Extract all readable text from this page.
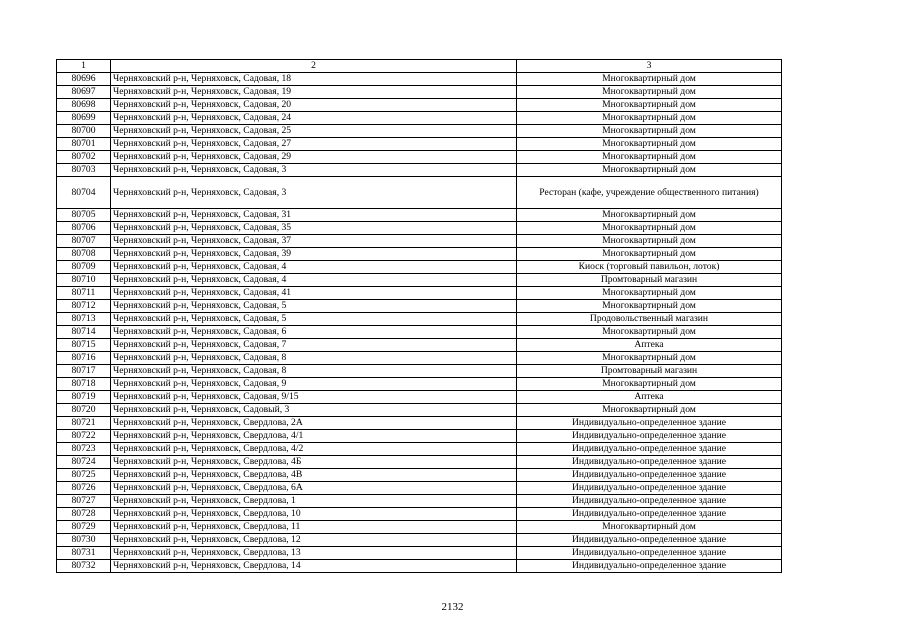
1	2	3
80696	Черняховский р-н, Черняховск, Садовая, 18	Многоквартирный дом
80697	Черняховский р-н, Черняховск, Садовая, 19	Многоквартирный дом
80698	Черняховский р-н, Черняховск, Садовая, 20	Многоквартирный дом
80699	Черняховский р-н, Черняховск, Садовая, 24	Многоквартирный дом
80700	Черняховский р-н, Черняховск, Садовая, 25	Многоквартирный дом
80701	Черняховский р-н, Черняховск, Садовая, 27	Многоквартирный дом
80702	Черняховский р-н, Черняховск, Садовая, 29	Многоквартирный дом
80703	Черняховский р-н, Черняховск, Садовая, 3	Многоквартирный дом
80704	Черняховский р-н, Черняховск, Садовая, 3	Ресторан (кафе, учреждение общественного питания)
80705	Черняховский р-н, Черняховск, Садовая, 31	Многоквартирный дом
80706	Черняховский р-н, Черняховск, Садовая, 35	Многоквартирный дом
80707	Черняховский р-н, Черняховск, Садовая, 37	Многоквартирный дом
80708	Черняховский р-н, Черняховск, Садовая, 39	Многоквартирный дом
80709	Черняховский р-н, Черняховск, Садовая, 4	Киоск (торговый павильон, лоток)
80710	Черняховский р-н, Черняховск, Садовая, 4	Промтоварный магазин
80711	Черняховский р-н, Черняховск, Садовая, 41	Многоквартирный дом
80712	Черняховский р-н, Черняховск, Садовая, 5	Многоквартирный дом
80713	Черняховский р-н, Черняховск, Садовая, 5	Продовольственный магазин
80714	Черняховский р-н, Черняховск, Садовая, 6	Многоквартирный дом
80715	Черняховский р-н, Черняховск, Садовая, 7	Аптека
80716	Черняховский р-н, Черняховск, Садовая, 8	Многоквартирный дом
80717	Черняховский р-н, Черняховск, Садовая, 8	Промтоварный магазин
80718	Черняховский р-н, Черняховск, Садовая, 9	Многоквартирный дом
80719	Черняховский р-н, Черняховск, Садовая, 9/15	Аптека
80720	Черняховский р-н, Черняховск, Садовый, 3	Многоквартирный дом
80721	Черняховский р-н, Черняховск, Свердлова, 2А	Индивидуально-определенное здание
80722	Черняховский р-н, Черняховск, Свердлова, 4/1	Индивидуально-определенное здание
80723	Черняховский р-н, Черняховск, Свердлова, 4/2	Индивидуально-определенное здание
80724	Черняховский р-н, Черняховск, Свердлова, 4Б	Индивидуально-определенное здание
80725	Черняховский р-н, Черняховск, Свердлова, 4В	Индивидуально-определенное здание
80726	Черняховский р-н, Черняховск, Свердлова, 6А	Индивидуально-определенное здание
80727	Черняховский р-н, Черняховск, Свердлова, 1	Индивидуально-определенное здание
80728	Черняховский р-н, Черняховск, Свердлова, 10	Индивидуально-определенное здание
80729	Черняховский р-н, Черняховск, Свердлова, 11	Многоквартирный дом
80730	Черняховский р-н, Черняховск, Свердлова, 12	Индивидуально-определенное здание
80731	Черняховский р-н, Черняховск, Свердлова, 13	Индивидуально-определенное здание
80732	Черняховский р-н, Черняховск, Свердлова, 14	Индивидуально-определенное здание
2132
